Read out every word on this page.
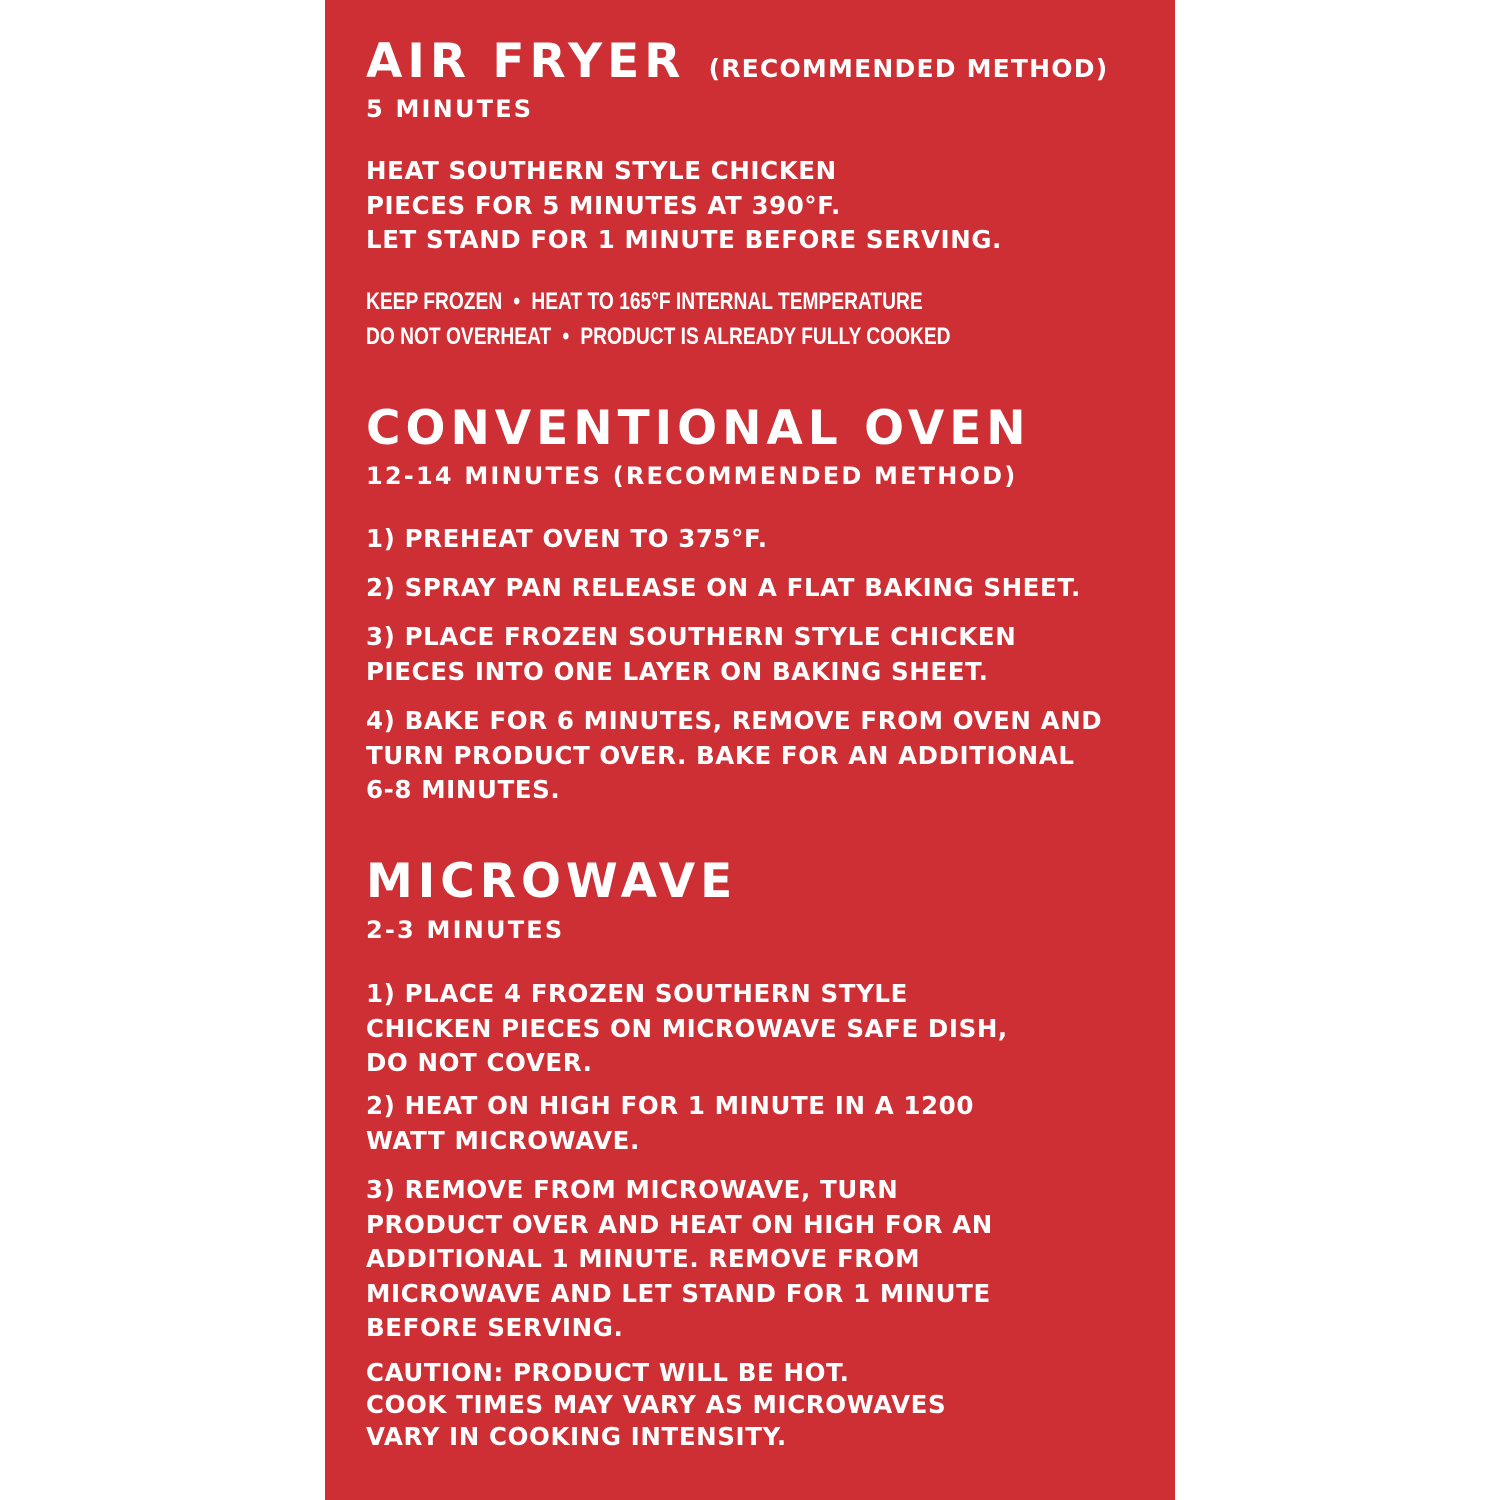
AIR FRYER (RECOMMENDED METHOD)
5 MINUTES
HEAT SOUTHERN STYLE CHICKEN
PIECES FOR 5 MINUTES AT 390°F.
LET STAND FOR 1 MINUTE BEFORE SERVING.
KEEP FROZEN • HEAT TO 165°F INTERNAL TEMPERATURE
DO NOT OVERHEAT • PRODUCT IS ALREADY FULLY COOKED
CONVENTIONAL OVEN
12-14 MINUTES (RECOMMENDED METHOD)
1) PREHEAT OVEN TO 375°F.
2) SPRAY PAN RELEASE ON A FLAT BAKING SHEET.
3) PLACE FROZEN SOUTHERN STYLE CHICKEN
PIECES INTO ONE LAYER ON BAKING SHEET.
4) BAKE FOR 6 MINUTES, REMOVE FROM OVEN AND
TURN PRODUCT OVER. BAKE FOR AN ADDITIONAL
6-8 MINUTES.
MICROWAVE
2-3 MINUTES
1) PLACE 4 FROZEN SOUTHERN STYLE
CHICKEN PIECES ON MICROWAVE SAFE DISH,
DO NOT COVER.
2) HEAT ON HIGH FOR 1 MINUTE IN A 1200
WATT MICROWAVE.
3) REMOVE FROM MICROWAVE, TURN
PRODUCT OVER AND HEAT ON HIGH FOR AN
ADDITIONAL 1 MINUTE. REMOVE FROM
MICROWAVE AND LET STAND FOR 1 MINUTE
BEFORE SERVING.
CAUTION: PRODUCT WILL BE HOT.
COOK TIMES MAY VARY AS MICROWAVES
VARY IN COOKING INTENSITY.
